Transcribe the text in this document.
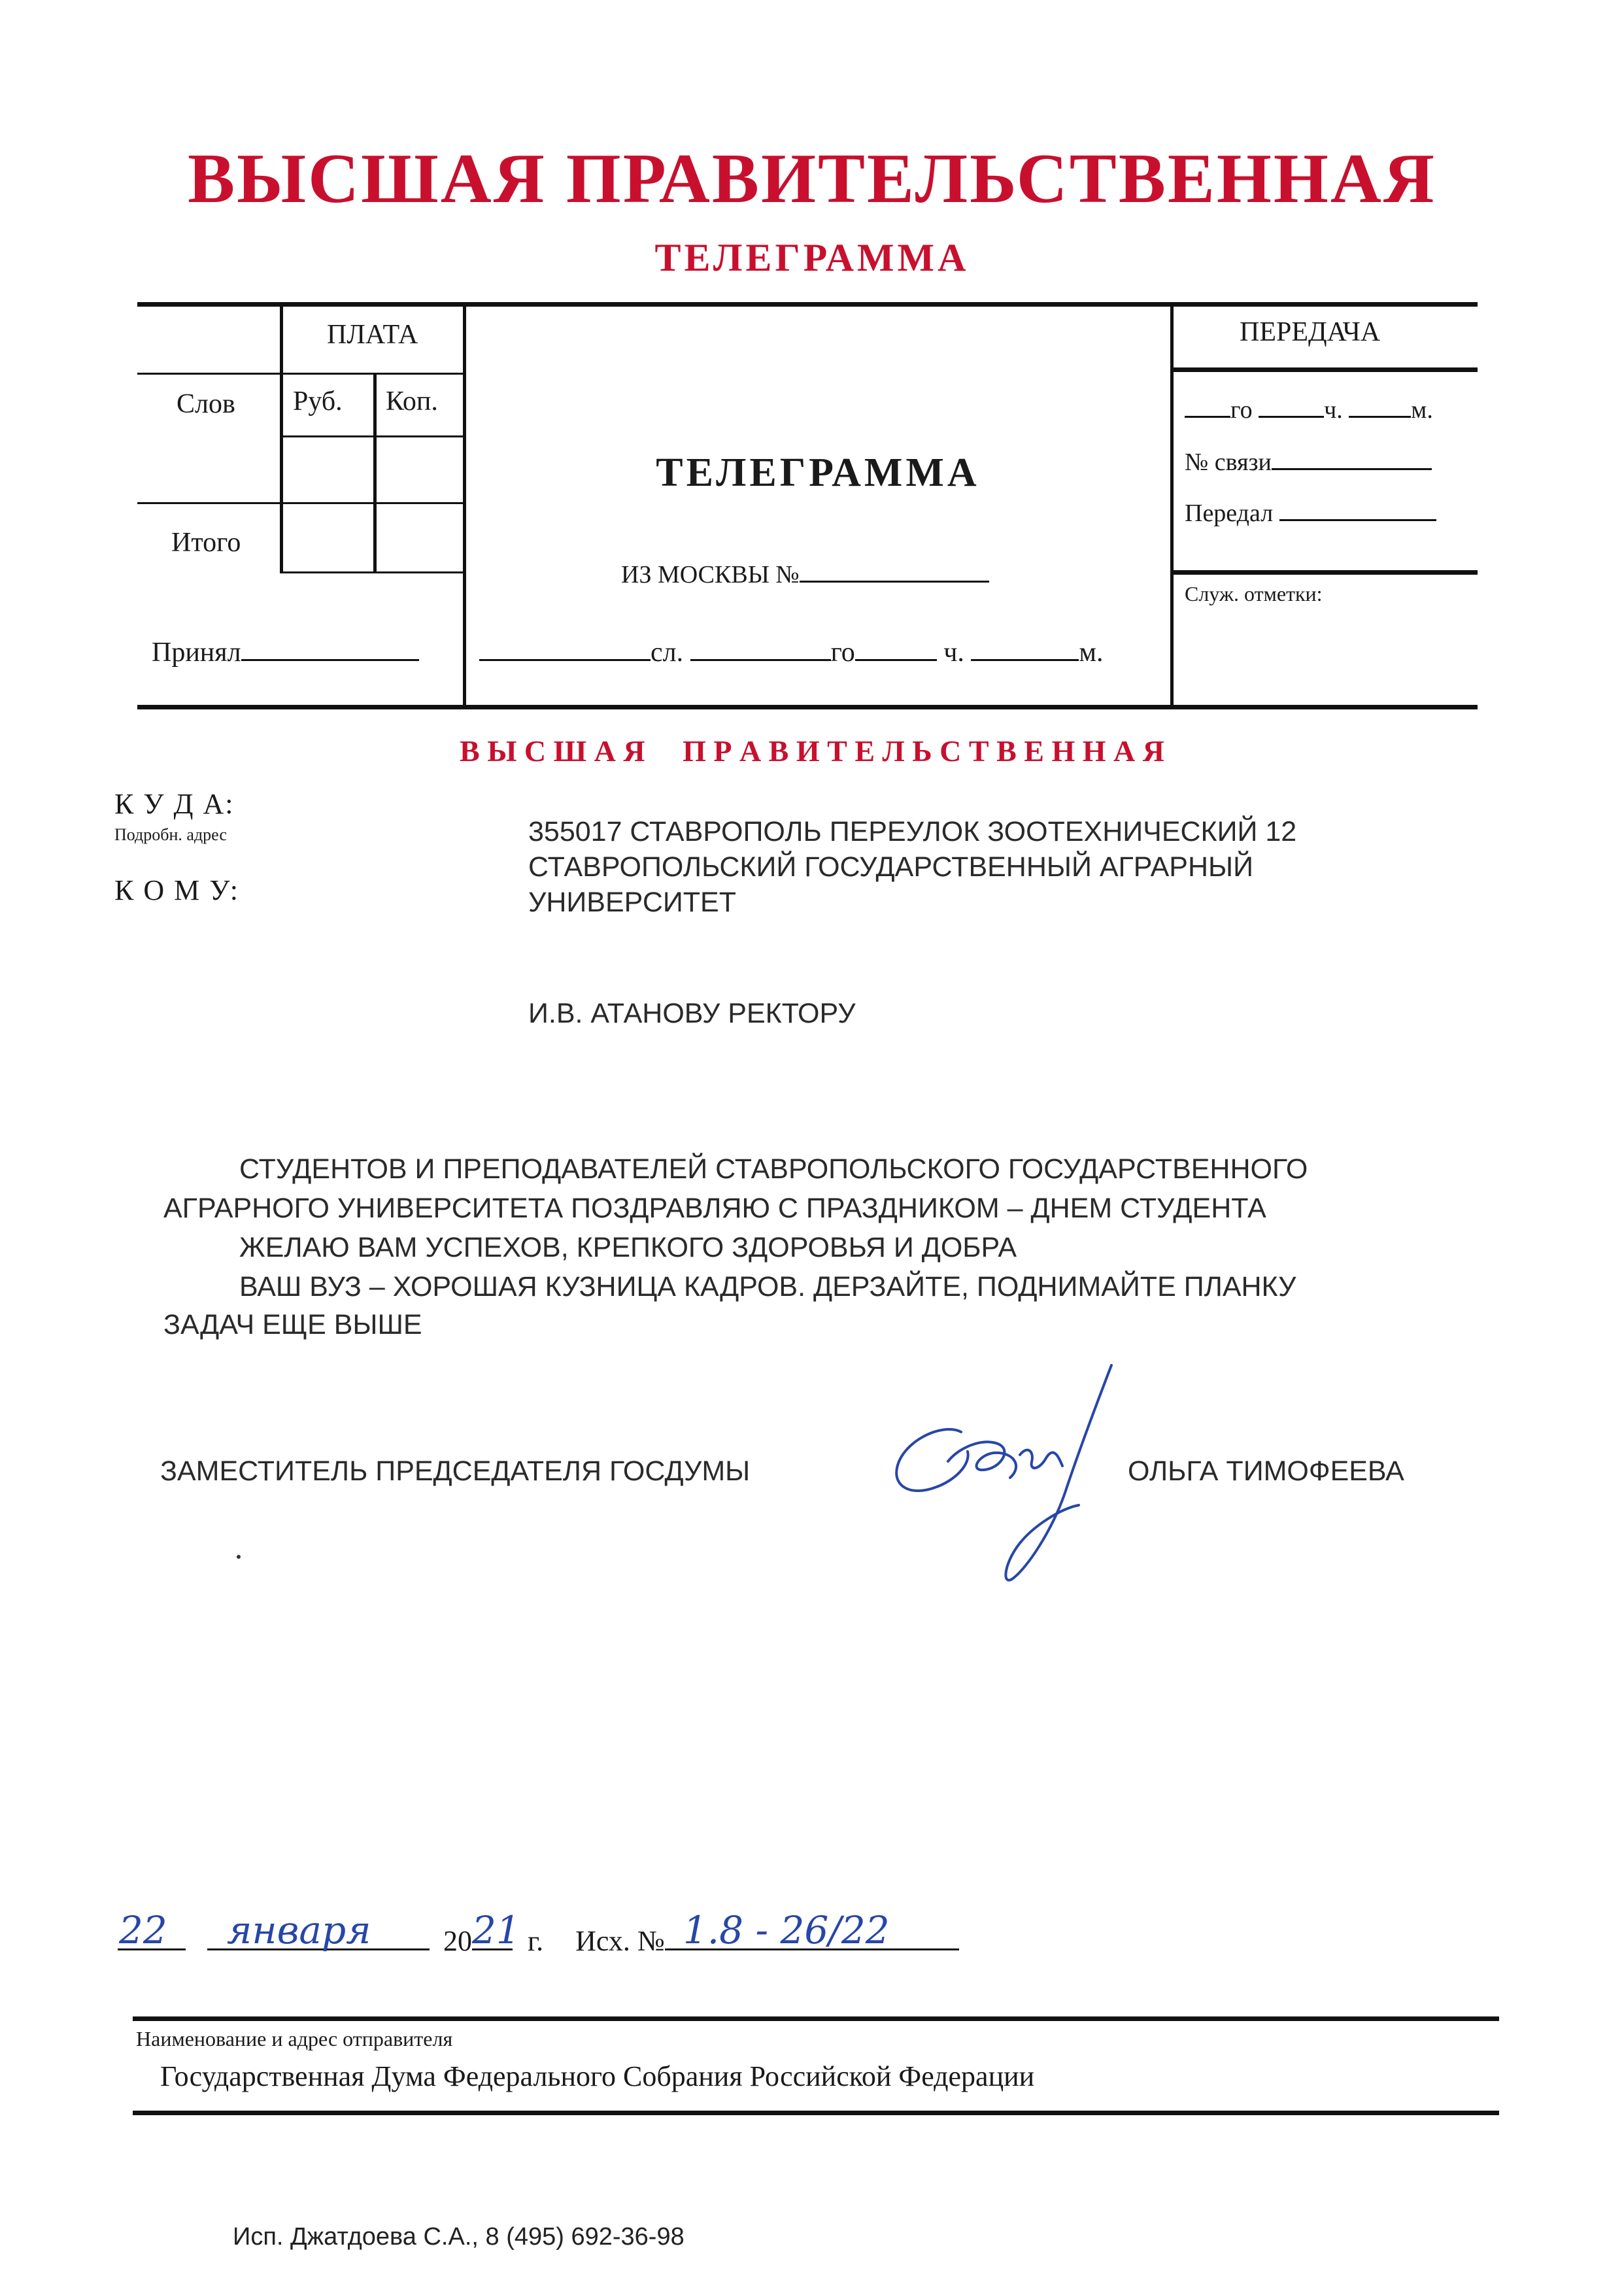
ВЫСШАЯ ПРАВИТЕЛЬСТВЕННАЯ
ТЕЛЕГРАММА
ПЛАТА
Слов Руб. Коп.
Итого
Принял
ТЕЛЕГРАММА
ИЗ МОСКВЫ №
сл.	го	ч.	м.
ПЕРЕДАЧА
го	ч.	м.
№ связи
Передал
Служ. отметки:
В Ы С Ш А Я     П Р А В И Т Е Л Ь С Т В Е Н Н А Я
К У Д А:
Подробн. адрес
К О М У:
355017 СТАВРОПОЛЬ ПЕРЕУЛОК ЗООТЕХНИЧЕСКИЙ 12
СТАВРОПОЛЬСКИЙ ГОСУДАРСТВЕННЫЙ АГРАРНЫЙ
УНИВЕРСИТЕТ
И.В. АТАНОВУ РЕКТОРУ
СТУДЕНТОВ И ПРЕПОДАВАТЕЛЕЙ СТАВРОПОЛЬСКОГО ГОСУДАРСТВЕННОГО
АГРАРНОГО УНИВЕРСИТЕТА ПОЗДРАВЛЯЮ С ПРАЗДНИКОМ – ДНЕМ СТУДЕНТА
ЖЕЛАЮ ВАМ УСПЕХОВ, КРЕПКОГО ЗДОРОВЬЯ И ДОБРА
ВАШ ВУЗ – ХОРОШАЯ КУЗНИЦА КАДРОВ. ДЕРЗАЙТЕ, ПОДНИМАЙТЕ ПЛАНКУ
ЗАДАЧ ЕЩЕ ВЫШЕ
ЗАМЕСТИТЕЛЬ ПРЕДСЕДАТЕЛЯ ГОСДУМЫ	ОЛЬГА ТИМОФЕЕВА
22
января	20 21 г. Исх. № 1.8 - 26/22
Наименование и адрес отправителя
Государственная Дума Федерального Собрания Российской Федерации
Исп. Джатдоева С.А., 8 (495) 692-36-98
